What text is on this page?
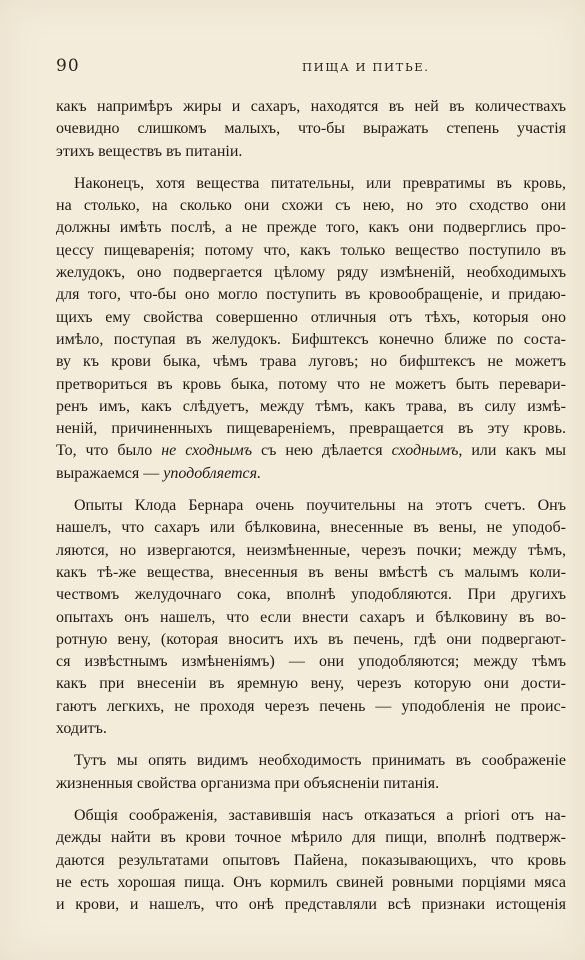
90	ПИЩА И ПИТЬЕ.
какъ напримѣръ жиры и сахаръ, находятся въ ней въ количествахъ
очевидно слишкомъ малыхъ, что-бы выражать степень участія
этихъ веществъ въ питаніи.
Наконецъ, хотя вещества питательны, или превратимы въ кровь,
на столько, на сколько они схожи съ нею, но это сходство они
должны имѣть послѣ, а не прежде того, какъ они подверглись про-
цессу пищеваренія; потому что, какъ только вещество поступило въ
желудокъ, оно подвергается цѣлому ряду измѣненій, необходимыхъ
для того, что-бы оно могло поступить въ кровообращеніе, и придаю-
щихъ ему свойства совершенно отличныя отъ тѣхъ, которыя оно
имѣло, поступая въ желудокъ. Бифштексъ конечно ближе по соста-
ву къ крови быка, чѣмъ трава луговъ; но бифштексъ не можетъ
претвориться въ кровь быка, потому что не можетъ быть перевари-
ренъ имъ, какъ слѣдуетъ, между тѣмъ, какъ трава, въ силу измѣ-
неній, причиненныхъ пищевареніемъ, превращается въ эту кровь.
То, что было не сходнымъ съ нею дѣлается сходнымъ, или какъ мы
выражаемся — уподобляется.
Опыты Клода Бернара очень поучительны на этотъ счетъ. Онъ
нашелъ, что сахаръ или бѣлковина, внесенные въ вены, не уподоб-
ляются, но извергаются, неизмѣненные, черезъ почки; между тѣмъ,
какъ тѣ-же вещества, внесенныя въ вены вмѣстѣ съ малымъ коли-
чествомъ желудочнаго сока, вполнѣ уподобляются. При другихъ
опытахъ онъ нашелъ, что если внести сахаръ и бѣлковину въ во-
ротную вену, (которая вноситъ ихъ въ печень, гдѣ они подвергают-
ся извѣстнымъ измѣненіямъ) — они уподобляются; между тѣмъ
какъ при внесеніи въ яремную вену, черезъ которую они дости-
гаютъ легкихъ, не проходя черезъ печень — уподобленія не проис-
ходитъ.
Тутъ мы опять видимъ необходимость принимать въ соображеніе
жизненныя свойства организма при объясненіи питанія.
Общія соображенія, заставившія насъ отказаться a priori отъ на-
дежды найти въ крови точное мѣрило для пищи, вполнѣ подтверж-
даются результатами опытовъ Пайена, показывающихъ, что кровь
не есть хорошая пища. Онъ кормилъ свиней ровными порціями мяса
и крови, и нашелъ, что онѣ представляли всѣ признаки истощенія
